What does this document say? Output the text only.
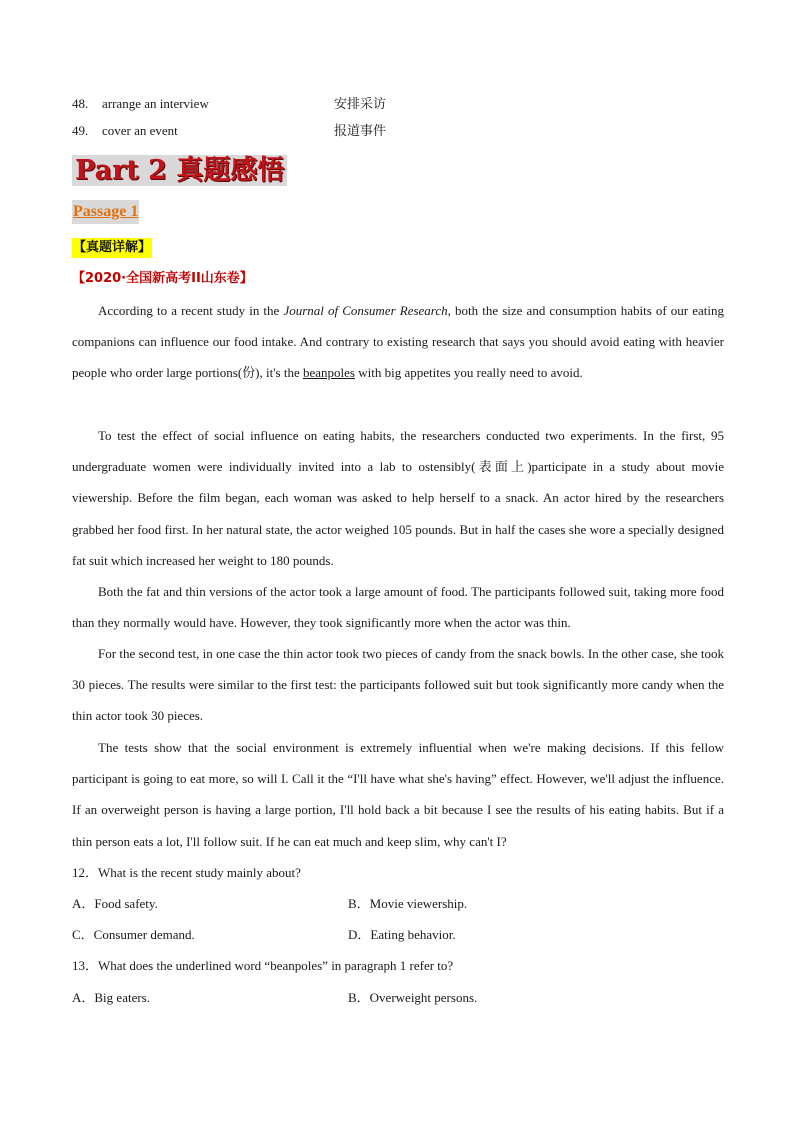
48. arrange an interview	安排采访
49. cover an event	报道事件
Part 2 真题感悟
Passage 1
【真题详解】
【2020·全国新高考II山东卷】

According to a recent study in the Journal of Consumer Research, both the size and consumption habits of our eating companions can influence our food intake. And contrary to existing research that says you should avoid eating with heavier people who order large portions(份), it's the beanpoles with big appetites you really need to avoid.

To test the effect of social influence on eating habits, the researchers conducted two experiments. In the first, 95 undergraduate women were individually invited into a lab to ostensibly(表面上)participate in a study about movie viewership. Before the film began, each woman was asked to help herself to a snack. An actor hired by the researchers grabbed her food first. In her natural state, the actor weighed 105 pounds. But in half the cases she wore a specially designed fat suit which increased her weight to 180 pounds.

Both the fat and thin versions of the actor took a large amount of food. The participants followed suit, taking more food than they normally would have. However, they took significantly more when the actor was thin.

For the second test, in one case the thin actor took two pieces of candy from the snack bowls. In the other case, she took 30 pieces. The results were similar to the first test: the participants followed suit but took significantly more candy when the thin actor took 30 pieces.

The tests show that the social environment is extremely influential when we're making decisions. If this fellow participant is going to eat more, so will I. Call it the “I'll have what she's having” effect. However, we'll adjust the influence. If an overweight person is having a large portion, I'll hold back a bit because I see the results of his eating habits. But if a thin person eats a lot, I'll follow suit. If he can eat much and keep slim, why can't I?

12．What is the recent study mainly about?
A．Food safety.	B．Movie viewership.
C．Consumer demand.	D．Eating behavior.
13．What does the underlined word “beanpoles” in paragraph 1 refer to?
A．Big eaters.	B．Overweight persons.
